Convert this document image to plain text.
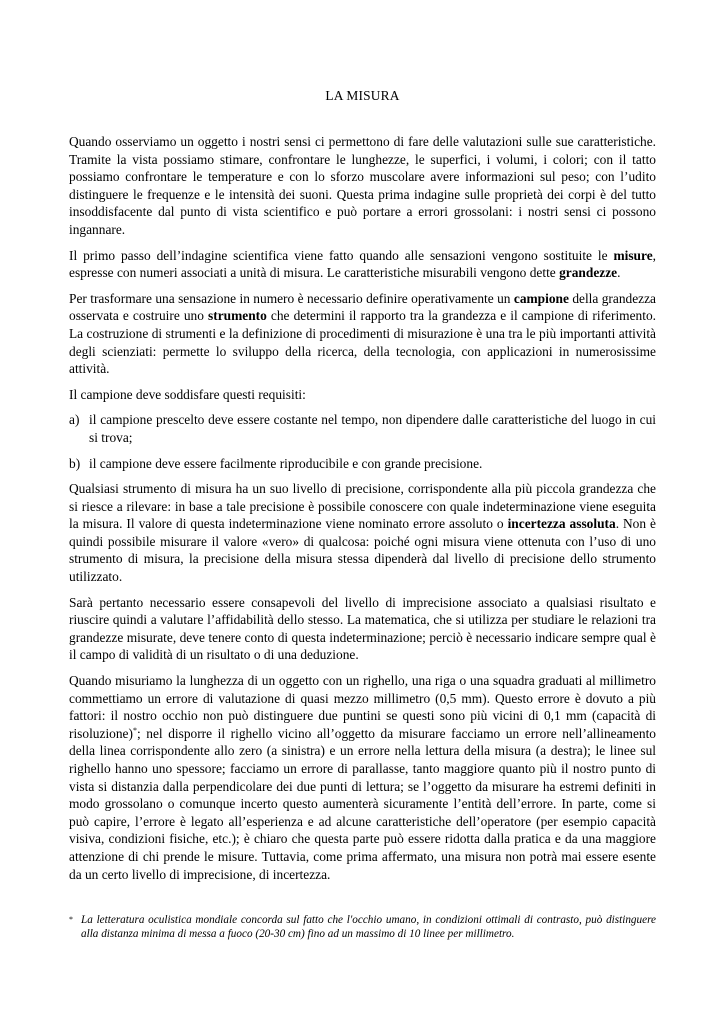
LA MISURA

Quando osserviamo un oggetto i nostri sensi ci permettono di fare delle valutazioni sulle sue caratteristiche. Tramite la vista possiamo stimare, confrontare le lunghezze, le superfici, i volumi, i colori; con il tatto possiamo confrontare le temperature e con lo sforzo muscolare avere informazioni sul peso; con l’udito distinguere le frequenze e le intensità dei suoni. Questa prima indagine sulle proprietà dei corpi è del tutto insoddisfacente dal punto di vista scientifico e può portare a errori grossolani: i nostri sensi ci possono ingannare.

Il primo passo dell’indagine scientifica viene fatto quando alle sensazioni vengono sostituite le misure, espresse con numeri associati a unità di misura. Le caratteristiche misurabili vengono dette grandezze.

Per trasformare una sensazione in numero è necessario definire operativamente un campione della grandezza osservata e costruire uno strumento che determini il rapporto tra la grandezza e il campione di riferimento. La costruzione di strumenti e la definizione di procedimenti di misurazione è una tra le più importanti attività degli scienziati: permette lo sviluppo della ricerca, della tecnologia, con applicazioni in numerosissime attività.

Il campione deve soddisfare questi requisiti:

a) il campione prescelto deve essere costante nel tempo, non dipendere dalle caratteristiche del luogo in cui si trova;
b) il campione deve essere facilmente riproducibile e con grande precisione.

Qualsiasi strumento di misura ha un suo livello di precisione, corrispondente alla più piccola grandezza che si riesce a rilevare: in base a tale precisione è possibile conoscere con quale indeterminazione viene eseguita la misura. Il valore di questa indeterminazione viene nominato errore assoluto o incertezza assoluta. Non è quindi possibile misurare il valore «vero» di qualcosa: poiché ogni misura viene ottenuta con l’uso di uno strumento di misura, la precisione della misura stessa dipenderà dal livello di precisione dello strumento utilizzato.

Sarà pertanto necessario essere consapevoli del livello di imprecisione associato a qualsiasi risultato e riuscire quindi a valutare l’affidabilità dello stesso. La matematica, che si utilizza per studiare le relazioni tra grandezze misurate, deve tenere conto di questa indeterminazione; perciò è necessario indicare sempre qual è il campo di validità di un risultato o di una deduzione.

Quando misuriamo la lunghezza di un oggetto con un righello, una riga o una squadra graduati al millimetro commettiamo un errore di valutazione di quasi mezzo millimetro (0,5 mm). Questo errore è dovuto a più fattori: il nostro occhio non può distinguere due puntini se questi sono più vicini di 0,1 mm (capacità di risoluzione)*; nel disporre il righello vicino all’oggetto da misurare facciamo un errore nell’allineamento della linea corrispondente allo zero (a sinistra) e un errore nella lettura della misura (a destra); le linee sul righello hanno uno spessore; facciamo un errore di parallasse, tanto maggiore quanto più il nostro punto di vista si distanzia dalla perpendicolare dei due punti di lettura; se l’oggetto da misurare ha estremi definiti in modo grossolano o comunque incerto questo aumenterà sicuramente l’entità dell’errore. In parte, come si può capire, l’errore è legato all’esperienza e ad alcune caratteristiche dell’operatore (per esempio capacità visiva, condizioni fisiche, etc.); è chiaro che questa parte può essere ridotta dalla pratica e da una maggiore attenzione di chi prende le misure. Tuttavia, come prima affermato, una misura non potrà mai essere esente da un certo livello di imprecisione, di incertezza.

* La letteratura oculistica mondiale concorda sul fatto che l'occhio umano, in condizioni ottimali di contrasto, può distinguere alla distanza minima di messa a fuoco (20-30 cm) fino ad un massimo di 10 linee per millimetro.
